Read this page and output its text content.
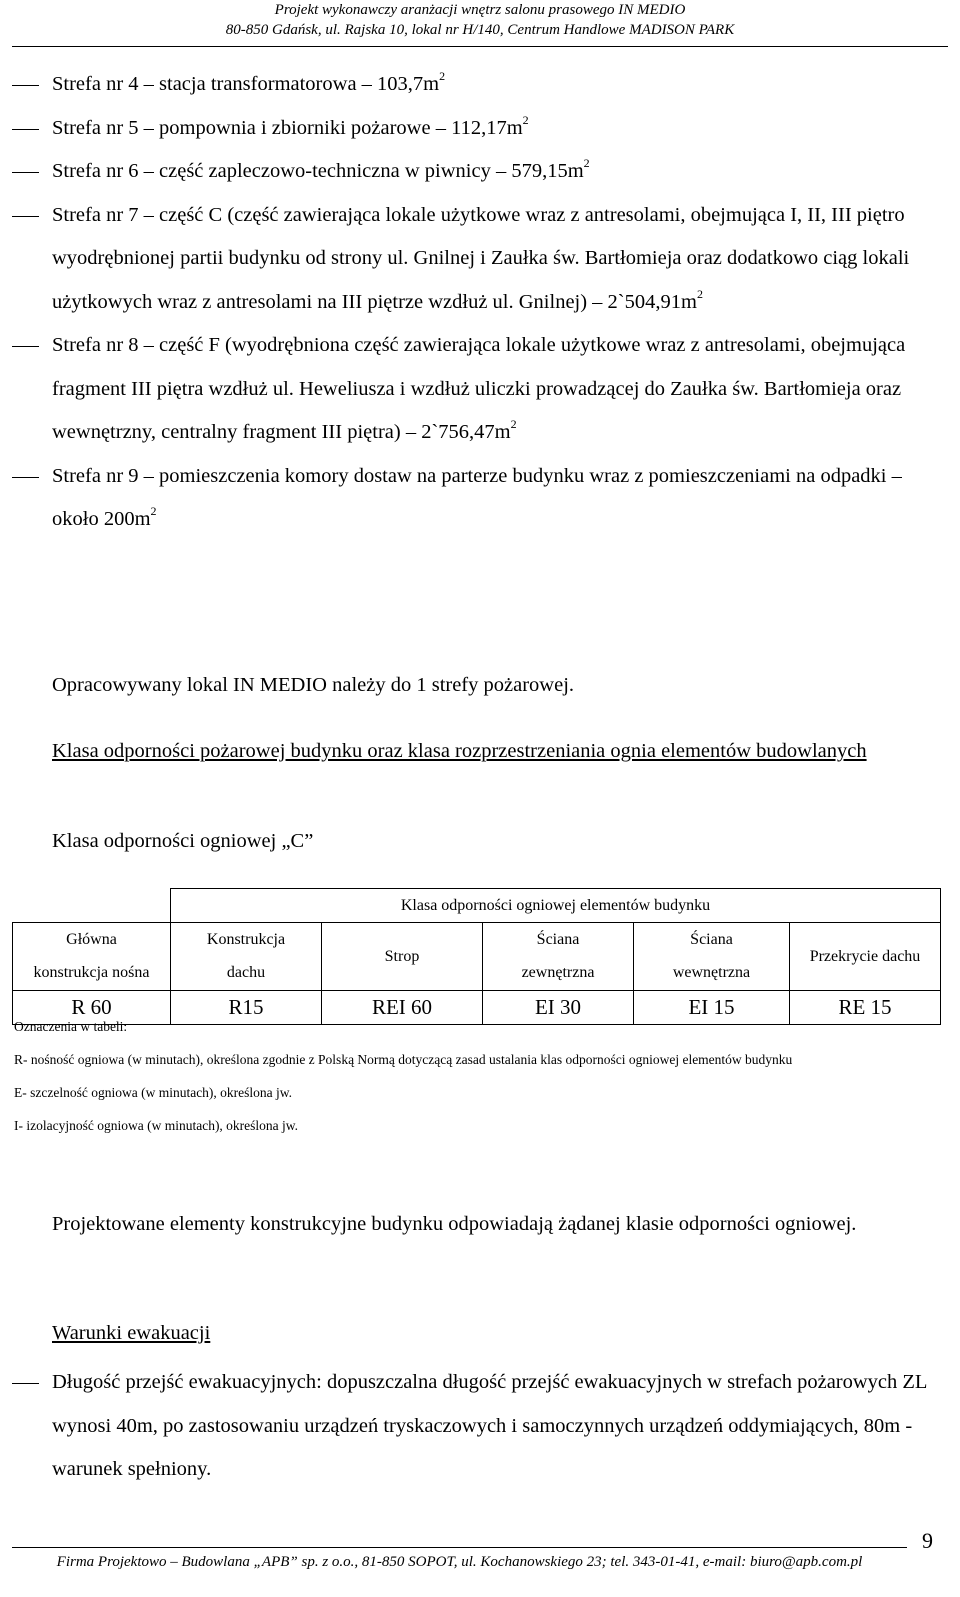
Projekt wykonawczy aranżacji wnętrz salonu prasowego IN MEDIO
80-850 Gdańsk, ul. Rajska 10, lokal nr H/140, Centrum Handlowe MADISON PARK
Strefa nr 4 – stacja transformatorowa – $103,7m^2$
Strefa nr 5 – pompownia i zbiorniki pożarowe – $112,17m^2$
Strefa nr 6 – część zapleczowo-techniczna w piwnicy – $579,15m^2$
Strefa nr 7 – część C (część zawierająca lokale użytkowe wraz z antresolami, obejmująca I, II, III piętro wyodrębnionej partii budynku od strony ul. Gnilnej i Zaułka św. Bartłomieja oraz dodatkowo ciąg lokali użytkowych wraz z antresolami na III piętrze wzdłuż ul. Gnilnej) – $2`504,91m^2$
Strefa nr 8 – część F (wyodrębniona część zawierająca lokale użytkowe wraz z antresolami, obejmująca fragment III piętra wzdłuż ul. Heweliusza i wzdłuż uliczki prowadzącej do Zaułka św. Bartłomieja oraz wewnętrzny, centralny fragment III piętra) – $2`756,47m^2$
Strefa nr 9 – pomieszczenia komory dostaw na parterze budynku wraz z pomieszczeniami na odpadki – około $200m^2$
Opracowywany lokal IN MEDIO należy do 1 strefy pożarowej.
Klasa odporności pożarowej budynku oraz klasa rozprzestrzeniania ognia elementów budowlanych
Klasa odporności ogniowej „C”
	Klasa odporności ogniowej elementów budynku				
Główna	Konstrukcja	Strop	Ściana	Ściana	Przekrycie dachu
konstrukcja nośna	dachu		zewnętrzna	wewnętrzna	
R 60	R15	REI 60	EI 30	EI 15	RE 15
Oznaczenia w tabeli:
R- nośność ogniowa (w minutach), określona zgodnie z Polską Normą dotyczącą zasad ustalania klas odporności ogniowej elementów budynku
E- szczelność ogniowa (w minutach), określona jw.
I- izolacyjność ogniowa (w minutach), określona jw.
Projektowane elementy konstrukcyjne budynku odpowiadają żądanej klasie odporności ogniowej.
Warunki ewakuacji
Długość przejść ewakuacyjnych: dopuszczalna długość przejść ewakuacyjnych w strefach pożarowych ZL wynosi 40m, po zastosowaniu urządzeń tryskaczowych i samoczynnych urządzeń oddymiających, 80m - warunek spełniony.
9
Firma Projektowo – Budowlana „APB” sp. z o.o., 81-850 SOPOT, ul. Kochanowskiego 23; tel. 343-01-41, e-mail: biuro@apb.com.pl
